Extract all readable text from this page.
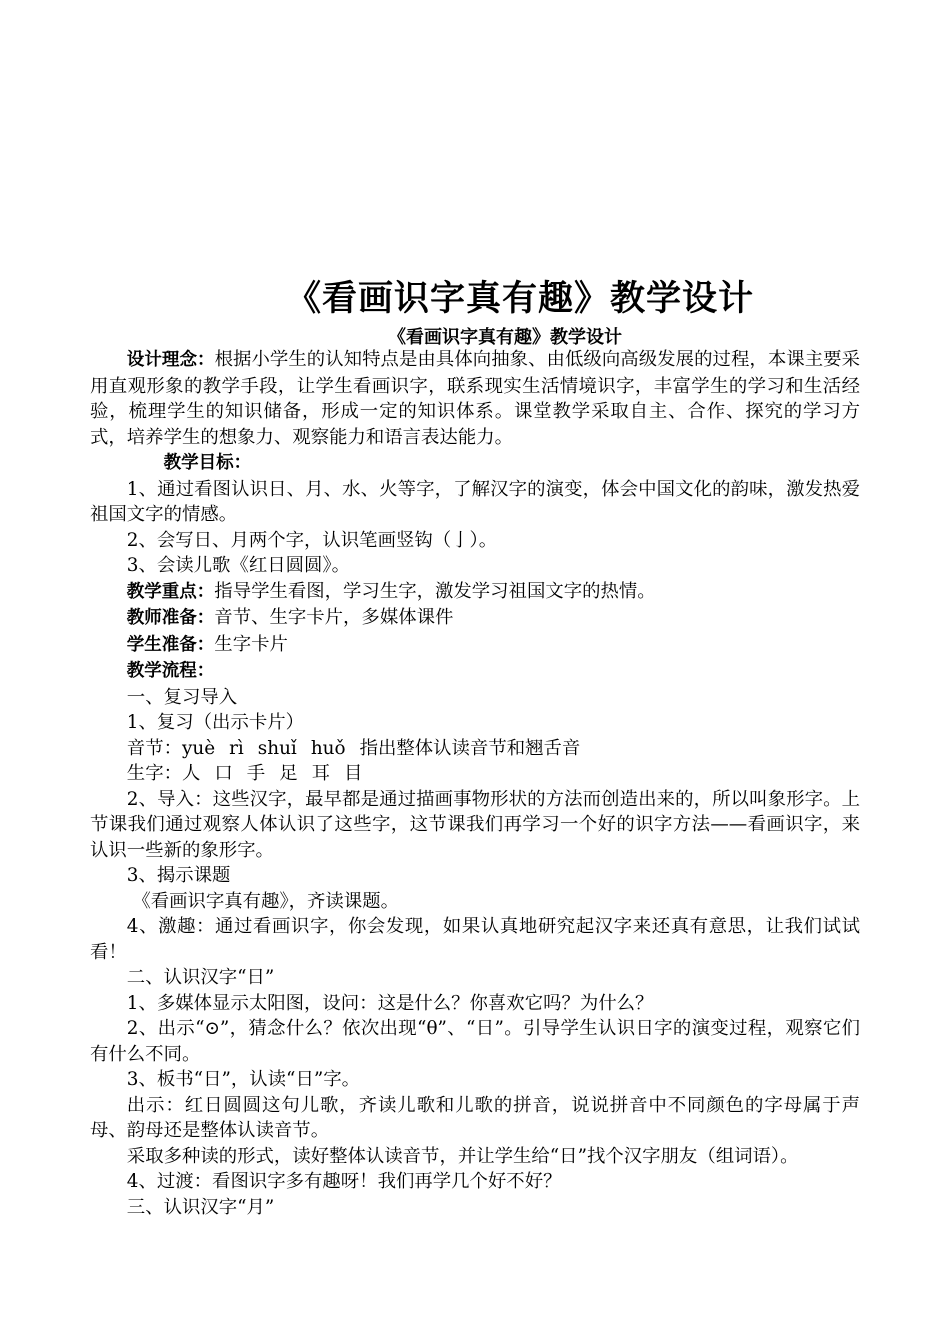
《看画识字真有趣》教学设计
《看画识字真有趣》教学设计

设计理念：根据小学生的认知特点是由具体向抽象、由低级向高级发展的过程，本课主要采用直观形象的教学手段，让学生看画识字，联系现实生活情境识字，丰富学生的学习和生活经验，梳理学生的知识储备，形成一定的知识体系。课堂教学采取自主、合作、探究的学习方式，培养学生的想象力、观察能力和语言表达能力。

教学目标：

1、通过看图认识日、月、水、火等字，了解汉字的演变，体会中国文化的韵味，激发热爱祖国文字的情感。

2、会写日、月两个字，认识笔画竖钩（亅）。

3、会读儿歌《红日圆圆》。

教学重点：指导学生看图，学习生字，激发学习祖国文字的热情。

教师准备：音节、生字卡片，多媒体课件

学生准备：生字卡片

教学流程：

一、复习导入

1、复习（出示卡片）

音节：yuè rì shuǐ huǒ 指出整体认读音节和翘舌音

生字：人 口 手 足 耳 目

2、导入：这些汉字，最早都是通过描画事物形状的方法而创造出来的，所以叫象形字。上节课我们通过观察人体认识了这些字，这节课我们再学习一个好的识字方法——看画识字，来认识一些新的象形字。

3、揭示课题

《看画识字真有趣》，齐读课题。

4、激趣：通过看画识字，你会发现，如果认真地研究起汉字来还真有意思，让我们试试看！

二、认识汉字“日”

1、多媒体显示太阳图，设问：这是什么？你喜欢它吗？为什么？

2、出示“⊙”，猜念什么？依次出现“θ”、“日”。引导学生认识日字的演变过程，观察它们有什么不同。

3、板书“日”，认读“日”字。

出示：红日圆圆这句儿歌，齐读儿歌和儿歌的拼音，说说拼音中不同颜色的字母属于声母、韵母还是整体认读音节。

采取多种读的形式，读好整体认读音节，并让学生给“日”找个汉字朋友（组词语）。

4、过渡：看图识字多有趣呀！我们再学几个好不好？

三、认识汉字“月”
